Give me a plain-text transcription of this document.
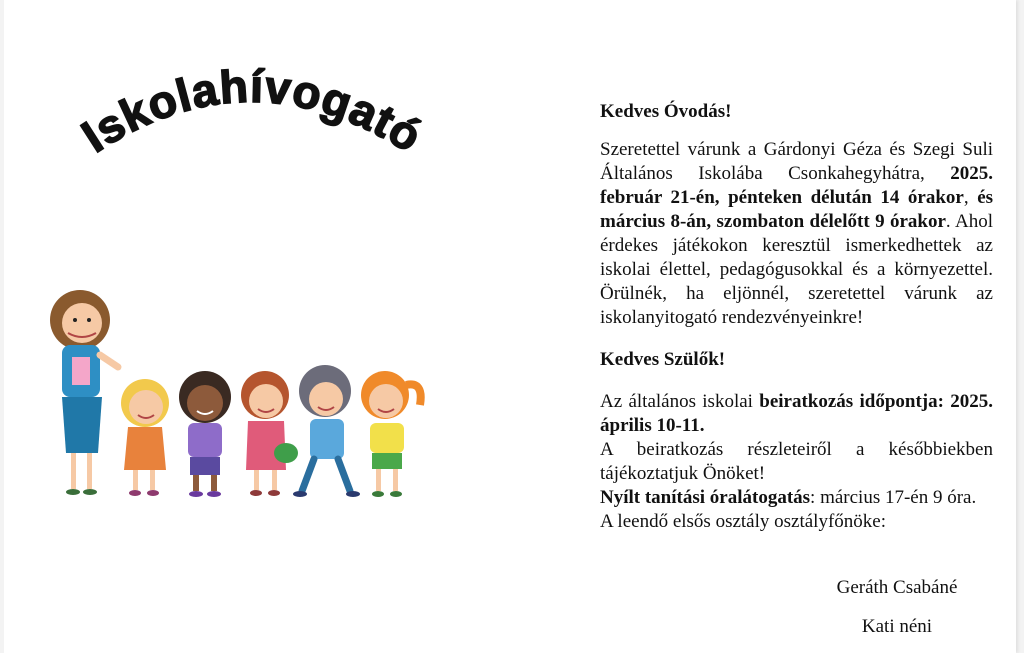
Iskolahívogató	Kedves Óvodás!

Szeretettel várunk a Gárdonyi Géza és Szegi Suli Általános Iskolába Csonkahegyhátra, 2025. február 21-én, pénteken délután 14 órakor, és március 8-án, szombaton délelőtt 9 órakor. Ahol érdekes játékokon keresztül ismerkedhettek az iskolai élettel, pedagógusokkal és a környezettel. Örülnék, ha eljönnél, szeretettel várunk az iskolanyitogató rendezvényeinkre!

Kedves Szülők!

Az általános iskolai beiratkozás időpontja: 2025. április 10-11.

A beiratkozás részleteiről a későbbiekben tájékoztatjuk Önöket!

Nyílt tanítási óralátogatás: március 17-én 9 óra.

A leendő elsős osztály osztályfőnöke:

Geráth Csabáné
Kati néni
